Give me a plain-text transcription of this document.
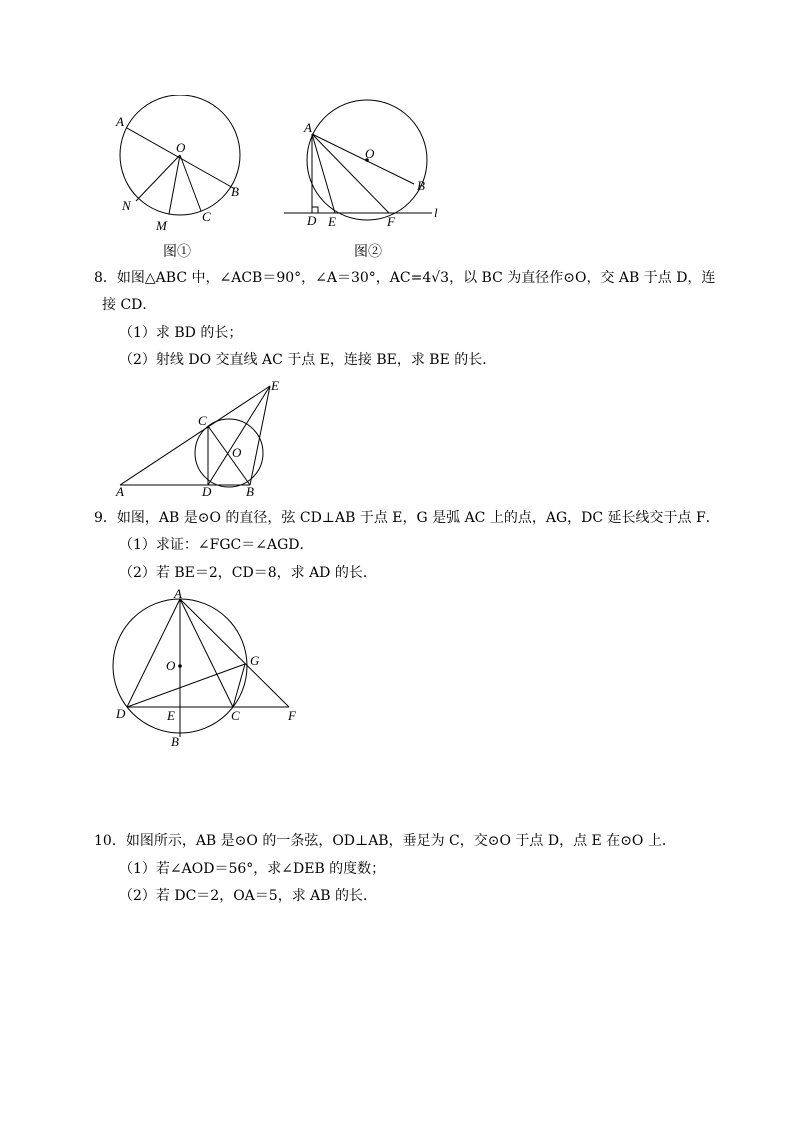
A
O
B
N
M
C
图①
A
O
B
D E	F
l
图②
8．如图△ABC 中，∠ACB＝90°，∠A＝30°，AC=4√3，以 BC 为直径作⊙O，交 AB 于点 D，连
接 CD．
（1）求 BD 的长；
（2）射线 DO 交直线 AC 于点 E，连接 BE，求 BE 的长．
C
E
O
A	D	B
9．如图，AB 是⊙O 的直径，弦 CD⊥AB 于点 E，G 是弧 AC 上的点，AG，DC 延长线交于点 F．
（1）求证：∠FGC＝∠AGD．
（2）若 BE＝2，CD＝8，求 AD 的长．
A
O	G
D	E	C	F
B
10．如图所示，AB 是⊙O 的一条弦，OD⊥AB，垂足为 C，交⊙O 于点 D，点 E 在⊙O 上．
（1）若∠AOD＝56°，求∠DEB 的度数；
（2）若 DC＝2，OA＝5，求 AB 的长．
